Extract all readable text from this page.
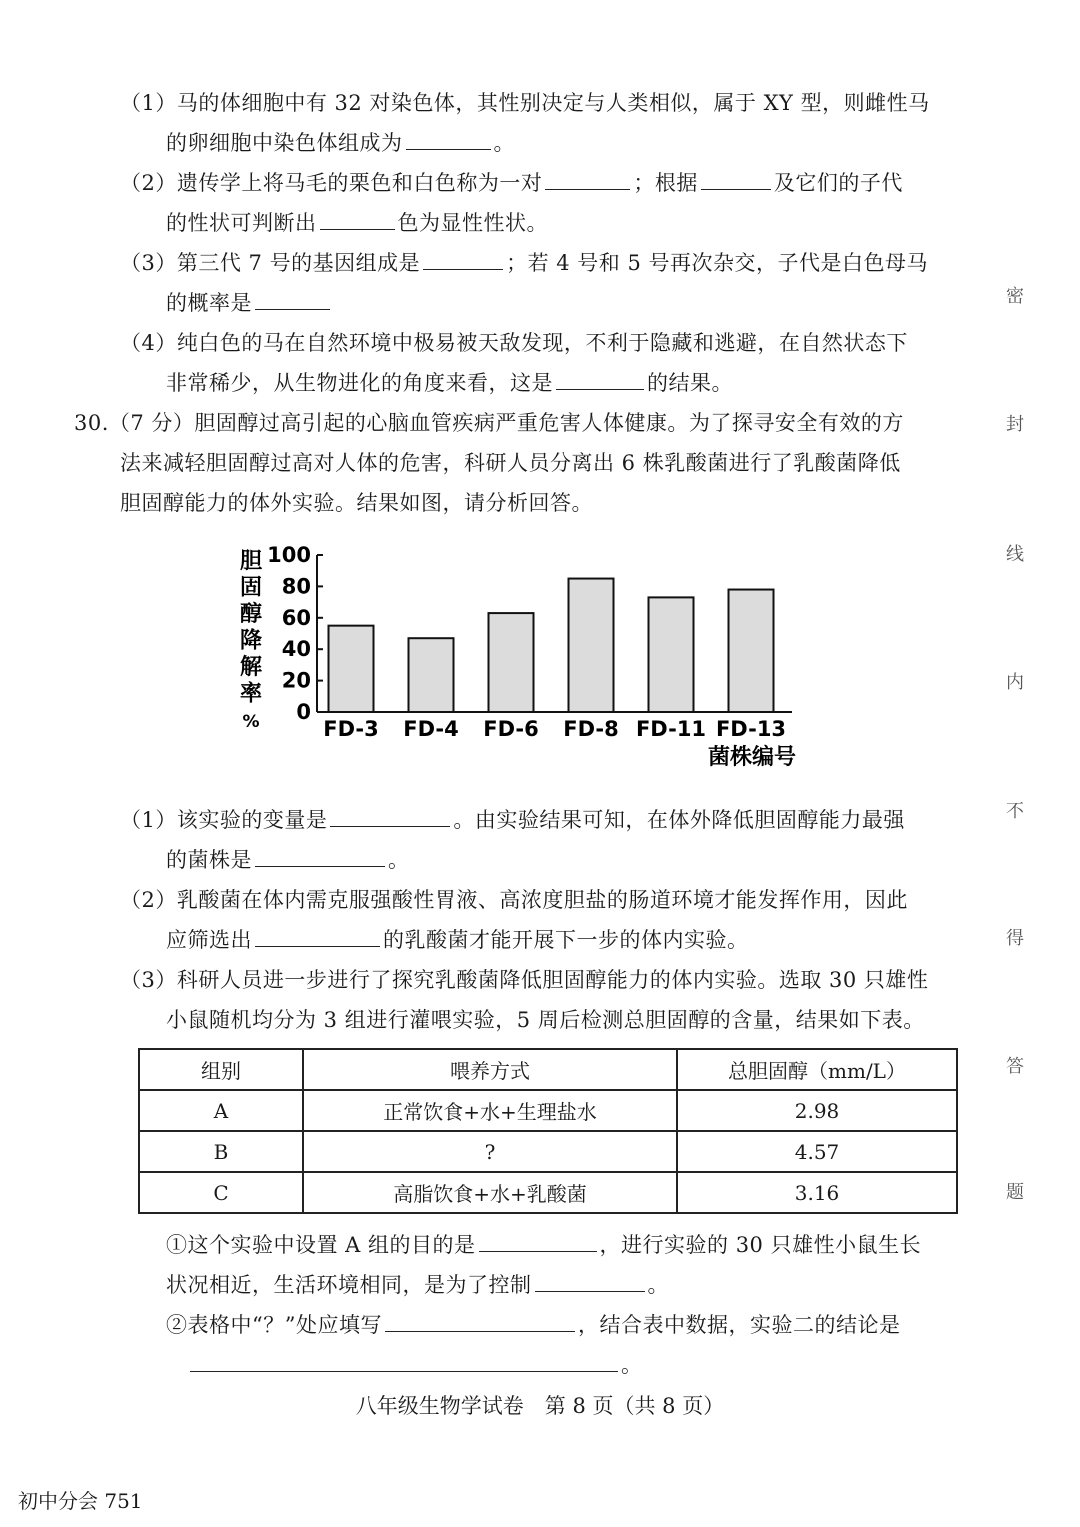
（1）马的体细胞中有 32 对染色体，其性别决定与人类相似，属于 XY 型，则雌性马
的卵细胞中染色体组成为	。
（2）遗传学上将马毛的栗色和白色称为一对	；根据	及它们的子代
的性状可判断出	色为显性性状。
（3）第三代 7 号的基因组成是	；若 4 号和 5 号再次杂交，子代是白色母马
的概率是
（4）纯白色的马在自然环境中极易被天敌发现，不利于隐藏和逃避，在自然状态下
非常稀少，从生物进化的角度来看，这是	的结果。
30.（7 分）胆固醇过高引起的心脑血管疾病严重危害人体健康。为了探寻安全有效的方
法来减轻胆固醇过高对人体的危害，科研人员分离出 6 株乳酸菌进行了乳酸菌降低
胆固醇能力的体外实验。结果如图，请分析回答。
胆固醇降解率% 0
20
40
60
80
100
FD-3 FD-4 FD-6 FD-8 FD-11 FD-13
菌株编号
（1）该实验的变量是	。由实验结果可知，在体外降低胆固醇能力最强
的菌株是	。
（2）乳酸菌在体内需克服强酸性胃液、高浓度胆盐的肠道环境才能发挥作用，因此
应筛选出	的乳酸菌才能开展下一步的体内实验。
（3）科研人员进一步进行了探究乳酸菌降低胆固醇能力的体内实验。选取 30 只雄性
小鼠随机均分为 3 组进行灌喂实验，5 周后检测总胆固醇的含量，结果如下表。
组别	喂养方式	总胆固醇（mm/L）
A	正常饮食+水+生理盐水	2.98
B	?	4.57
C	高脂饮食+水+乳酸菌	3.16
①这个实验中设置 A 组的目的是	，进行实验的 30 只雄性小鼠生长
状况相近，生活环境相同，是为了控制	。
②表格中“？”处应填写	，结合表中数据，实验二的结论是
。
密
封
线
内
不
得
答
题
八年级生物学试卷　第 8 页（共 8 页）
初中分会 751
